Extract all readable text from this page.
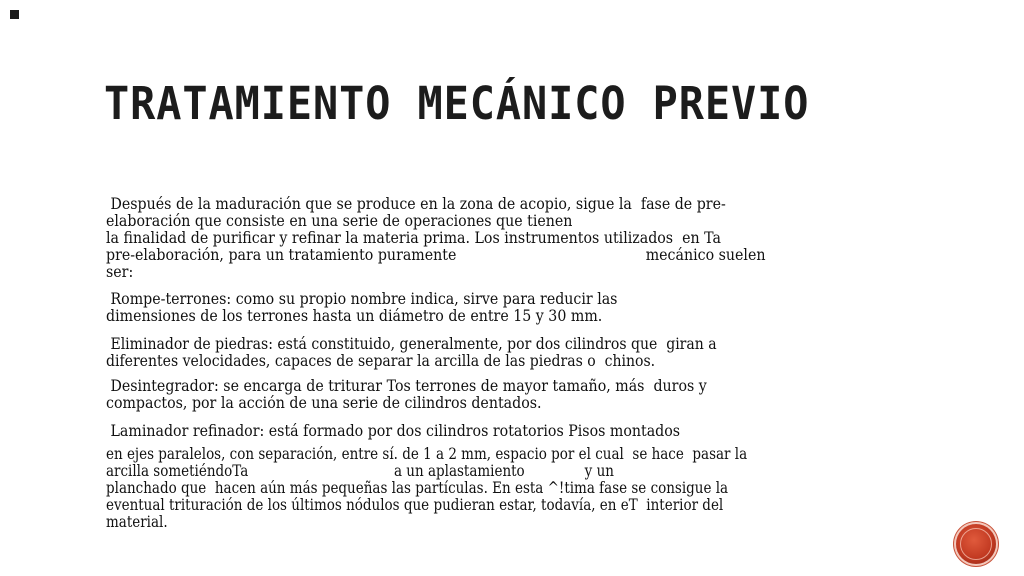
TRATAMIENTO MECÁNICO PREVIO

Después de la maduración que se produce en la zona de acopio, sigue la  fase de pre-
elaboración que consiste en una serie de operaciones que tienen
la finalidad de purificar y refinar la materia prima. Los instrumentos utilizados  en Ta
pre-elaboración, para un tratamiento puramente                                          mecánico suelen
ser:

Rompe-terrones: como su propio nombre indica, sirve para reducir las
dimensiones de los terrones hasta un diámetro de entre 15 y 30 mm.

Eliminador de piedras: está constituido, generalmente, por dos cilindros que  giran a
diferentes velocidades, capaces de separar la arcilla de las piedras o  chinos.

Desintegrador: se encarga de triturar Tos terrones de mayor tamaño, más  duros y
compactos, por la acción de una serie de cilindros dentados.

Laminador refinador: está formado por dos cilindros rotatorios Pisos montados

en ejes paralelos, con separación, entre sí. de 1 a 2 mm, espacio por el cual  se hace  pasar la
arcilla sometiéndoTa                                  a un aplastamiento              y un
planchado que  hacen aún más pequeñas las partículas. En esta ^!tima fase se consigue la
eventual trituración de los últimos nódulos que pudieran estar, todavía, en eT  interior del
material.
